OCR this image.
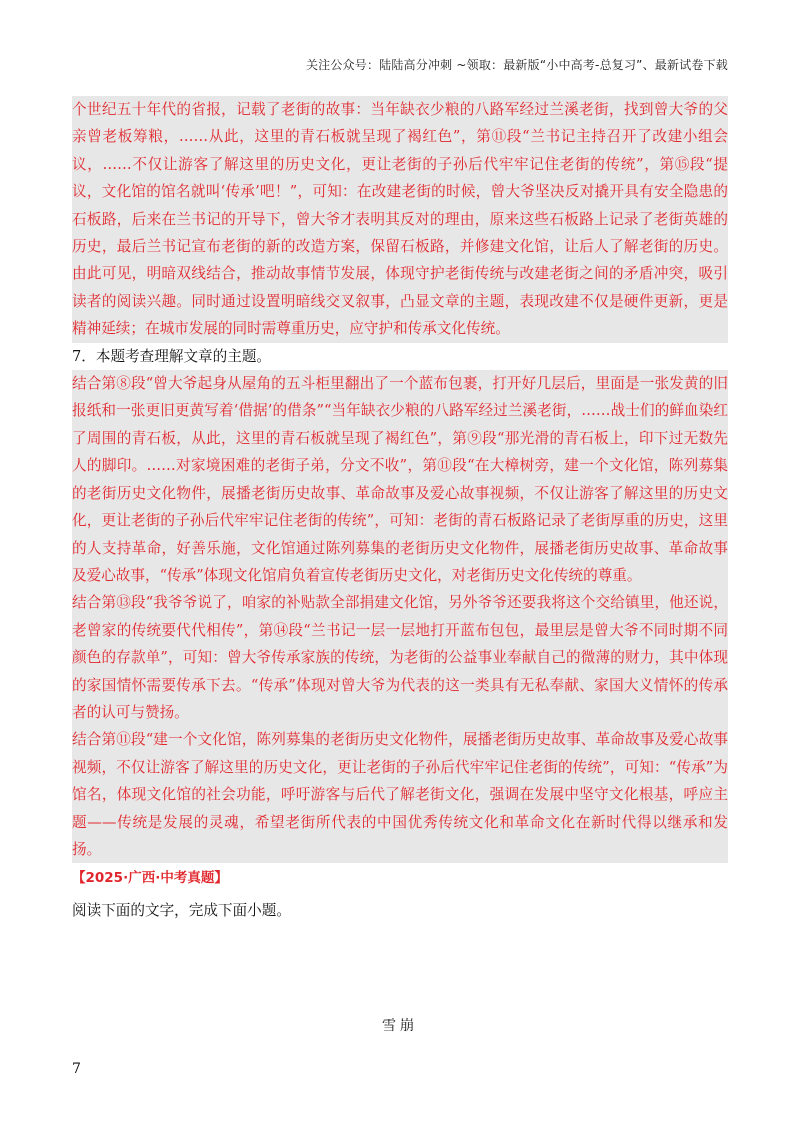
关注公众号：陆陆高分冲刺 ~领取：最新版“小中高考-总复习”、最新试卷下载

个世纪五十年代的省报，记载了老街的故事：当年缺衣少粮的八路军经过兰溪老街，找到曾大爷的父亲曾老板筹粮，……从此，这里的青石板就呈现了褐红色”，第⑪段“兰书记主持召开了改建小组会议，……不仅让游客了解这里的历史文化，更让老街的子孙后代牢牢记住老街的传统”，第⑮段“提议，文化馆的馆名就叫‘传承’吧！”，可知：在改建老街的时候，曾大爷坚决反对撬开具有安全隐患的石板路，后来在兰书记的开导下，曾大爷才表明其反对的理由，原来这些石板路上记录了老街英雄的历史，最后兰书记宣布老街的新的改造方案，保留石板路，并修建文化馆，让后人了解老街的历史。由此可见，明暗双线结合，推动故事情节发展，体现守护老街传统与改建老街之间的矛盾冲突，吸引读者的阅读兴趣。同时通过设置明暗线交叉叙事，凸显文章的主题，表现改建不仅是硬件更新，更是精神延续；在城市发展的同时需尊重历史，应守护和传承文化传统。

7．本题考查理解文章的主题。

结合第⑧段“曾大爷起身从屋角的五斗柜里翻出了一个蓝布包裹，打开好几层后，里面是一张发黄的旧报纸和一张更旧更黄写着‘借据’的借条”“当年缺衣少粮的八路军经过兰溪老街，……战士们的鲜血染红了周围的青石板，从此，这里的青石板就呈现了褐红色”，第⑨段“那光滑的青石板上，印下过无数先人的脚印。……对家境困难的老街子弟，分文不收”，第⑪段“在大樟树旁，建一个文化馆，陈列募集的老街历史文化物件，展播老街历史故事、革命故事及爱心故事视频，不仅让游客了解这里的历史文化，更让老街的子孙后代牢牢记住老街的传统”，可知：老街的青石板路记录了老街厚重的历史，这里的人支持革命，好善乐施，文化馆通过陈列募集的老街历史文化物件，展播老街历史故事、革命故事及爱心故事，“传承”体现文化馆肩负着宣传老街历史文化，对老街历史文化传统的尊重。

结合第⑬段“我爷爷说了，咱家的补贴款全部捐建文化馆，另外爷爷还要我将这个交给镇里，他还说，老曾家的传统要代代相传”，第⑭段“兰书记一层一层地打开蓝布包包，最里层是曾大爷不同时期不同颜色的存款单”，可知：曾大爷传承家族的传统，为老街的公益事业奉献自己的微薄的财力，其中体现的家国情怀需要传承下去。“传承”体现对曾大爷为代表的这一类具有无私奉献、家国大义情怀的传承者的认可与赞扬。

结合第⑪段“建一个文化馆，陈列募集的老街历史文化物件，展播老街历史故事、革命故事及爱心故事视频，不仅让游客了解这里的历史文化，更让老街的子孙后代牢牢记住老街的传统”，可知：“传承”为馆名，体现文化馆的社会功能，呼吁游客与后代了解老街文化，强调在发展中坚守文化根基，呼应主题——传统是发展的灵魂，希望老街所代表的中国优秀传统文化和革命文化在新时代得以继承和发扬。

【2025·广西·中考真题】

阅读下面的文字，完成下面小题。

雪崩
7
